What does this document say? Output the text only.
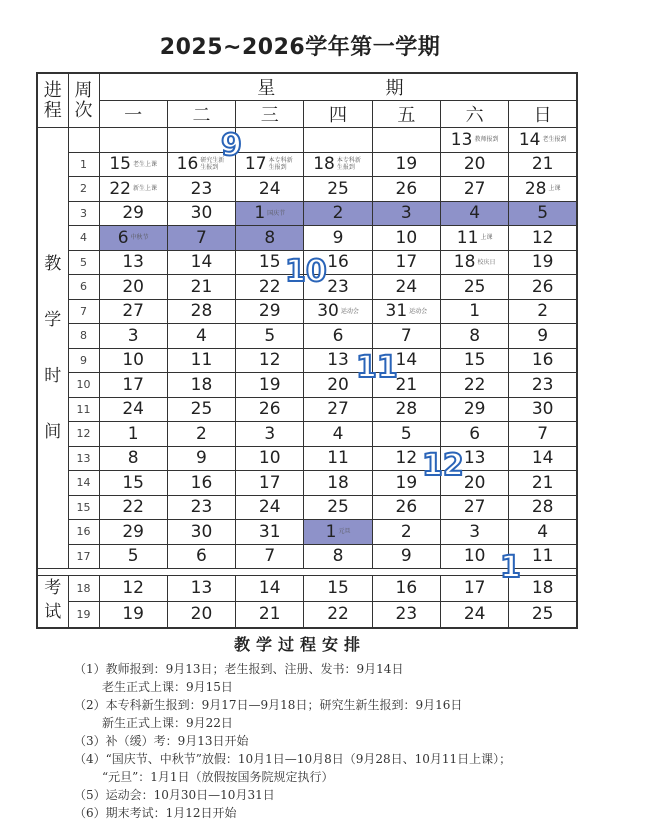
2025~2026学年第一学期
进程	周次	星 期						
		一	二	三	四	五	六	日
教学时间							13 教师报到	14 老生报到
	1	15 老生上课	16 研究生新生报到	17 本专科新生报到	18 本专科新生报到	19	20	21
	2	22 新生上课	23	24	25	26	27	28 上课
	3	29	30	1 国庆节	2	3	4	5
	4	6 中秋节	7	8	9	10	11 上课	12
	5	13	14	15	16	17	18 校庆日	19
	6	20	21	22	23	24	25	26
	7	27	28	29	30 运动会	31 运动会	1	2
	8	3	4	5	6	7	8	9
	9	10	11	12	13	14	15	16
	10	17	18	19	20	21	22	23
	11	24	25	26	27	28	29	30
	12	1	2	3	4	5	6	7
	13	8	9	10	11	12	13	14
	14	15	16	17	18	19	20	21
	15	22	23	24	25	26	27	28
	16	29	30	31	1 元旦	2	3	4
	17	5	6	7	8	9	10	11

考试	18	12	13	14	15	16	17	18
	19	19	20	21	22	23	24	25
9
10
11
12
1
教学过程安排
（1）教师报到：9月13日；老生报到、注册、发书：9月14日
老生正式上课：9月15日
（2）本专科新生报到：9月17日—9月18日；研究生新生报到：9月16日
新生正式上课：9月22日
（3）补（缓）考：9月13日开始
（4）“国庆节、中秋节”放假：10月1日—10月8日（9月28日、10月11日上课）；
“元旦”：1月1日（放假按国务院规定执行）
（5）运动会：10月30日—10月31日
（6）期末考试：1月12日开始
